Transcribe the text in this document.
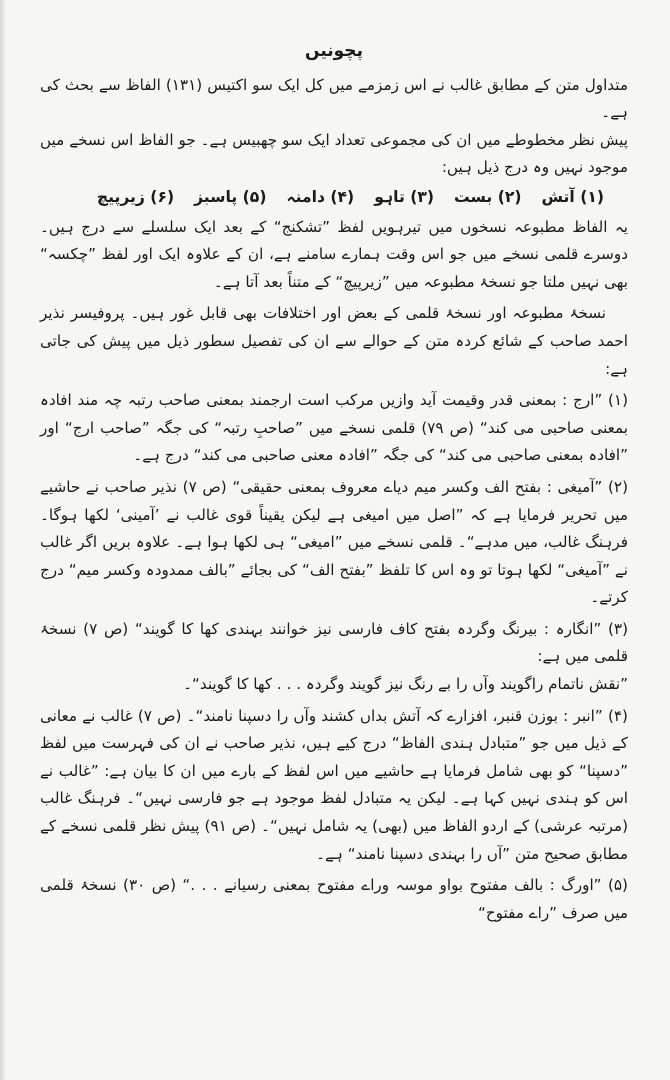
پچونیں

متداول متن کے مطابق غالب نے اس زمزمے میں کل ایک سو اکتیس (۱۳۱) الفاظ سے بحث کی ہے۔

پیش نظر مخطوطے میں ان کی مجموعی تعداد ایک سو چھبیس ہے۔ جو الفاظ اس نسخے میں موجود نہیں وہ درج ذیل ہیں:

(۱) آتش
(۲) بست
(۳) تاہو
(۴) دامنہ
(۵) پاسبز
(۶) زیرپیچ

یہ الفاظ مطبوعہ نسخوں میں تیرہویں لفظ ”تشکنج“ کے بعد ایک سلسلے سے درج ہیں۔ دوسرے قلمی نسخے میں جو اس وقت ہمارے سامنے ہے، ان کے علاوہ ایک اور لفظ ”چکسہ“ بھی نہیں ملتا جو نسخۂ مطبوعہ میں ”زیرپیچ“ کے متناً بعد آتا ہے۔

نسخۂ مطبوعہ اور نسخۂ قلمی کے بعض اور اختلافات بھی قابل غور ہیں۔ پروفیسر نذیر احمد صاحب کے شائع کردہ متن کے حوالے سے ان کی تفصیل سطور ذیل میں پیش کی جاتی ہے:

(۱) ”ارج : بمعنی قدر وقیمت آید وازیں مرکب است ارجمند بمعنی صاحب رتبہ چہ مند افادہ بمعنی صاحبی می کند“ (ص ۷۹) قلمی نسخے میں ”صاحبِ رتبہ“ کی جگہ ”صاحب ارج“ اور ”افادہ بمعنی صاحبی می کند“ کی جگہ ”افادہ معنی صاحبی می کند“ درج ہے۔

(۲) ”آمیغی : بفتح الف وکسر میم دیاے معروف بمعنی حقیقی“ (ص ۷) نذیر صاحب نے حاشیے میں تحریر فرمایا ہے کہ ”اصل میں امیغی ہے لیکن یقیناً قوی غالب نے ’آمینی‘ لکھا ہوگا۔ فرہنگ غالب، میں مدہے“۔ قلمی نسخے میں ”امیغی“ ہی لکھا ہوا ہے۔ علاوہ بریں اگر غالب نے ”آمیغی“ لکھا ہوتا تو وہ اس کا تلفظ ”بفتح الف“ کی بجائے ”بالف ممدودہ وکسر میم“ درج کرتے۔

(۳) ”انگارہ : بیرنگ وگردہ بفتح کاف فارسی نیز خوانند بہندی کھا کا گویند“ (ص ۷) نسخۂ قلمی میں ہے:

”نقش ناتمام راگویند وآں را بے رنگ نیز گویند وگردہ . . . کھا کا گویند“۔

(۴) ”انبر : بوزن قنبر، افزارے کہ آتش بداں کشند وآں را دسپنا نامند“۔ (ص ۷) غالب نے معانی کے ذیل میں جو ”متبادل ہندی الفاظ“ درج کیے ہیں، نذیر صاحب نے ان کی فہرست میں لفظ ”دسپنا“ کو بھی شامل فرمایا ہے حاشیے میں اس لفظ کے بارے میں ان کا بیان ہے: ”غالب نے اس کو ہندی نہیں کہا ہے۔ لیکن یہ متبادل لفظ موجود ہے جو فارسی نہیں“۔ فرہنگ غالب (مرتبہ عرشی) کے اردو الفاظ میں (بھی) یہ شامل نہیں“۔ (ص ۹۱) پیش نظر قلمی نسخے کے مطابق صحیح متن ”آں را بہندی دسپنا نامند“ ہے۔

(۵) ”اورگ : بالف مفتوح بواو موسہ وراے مفتوح بمعنی رسیانے . . .“ (ص ۳۰) نسخۂ قلمی میں صرف ”راے مفتوح“
